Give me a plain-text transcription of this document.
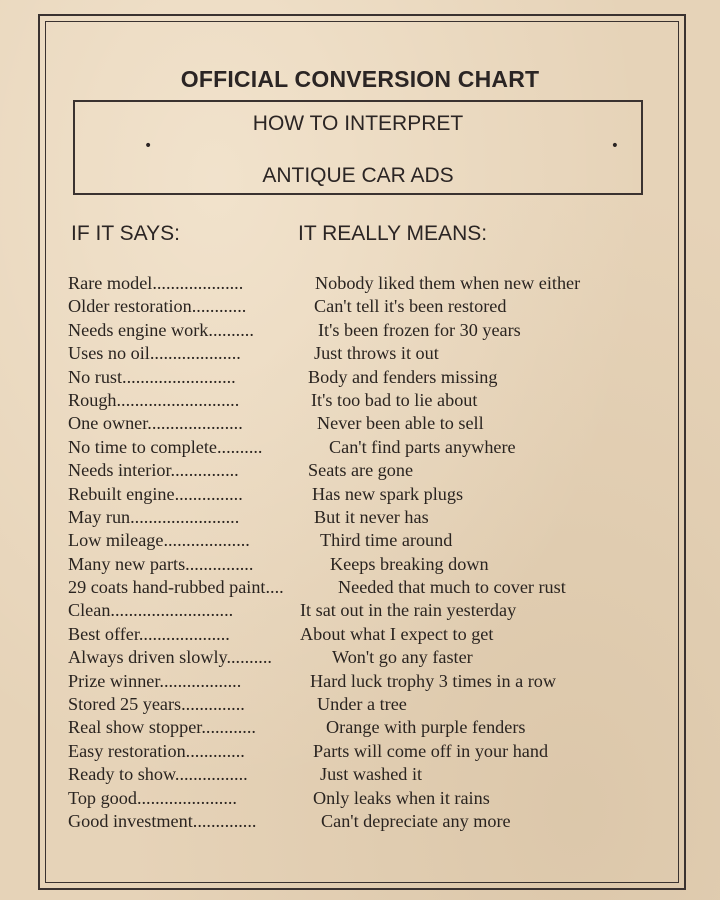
OFFICIAL CONVERSION CHART
HOW TO INTERPRET
•	•
ANTIQUE CAR ADS
IF IT SAYS:	IT REALLY MEANS:
Rare model....................	Nobody liked them when new either
Older restoration............	Can't tell it's been restored
Needs engine work..........	It's been frozen for 30 years
Uses no oil....................	Just throws it out
No rust.........................	Body and fenders missing
Rough...........................	It's too bad to lie about
One owner.....................	Never been able to sell
No time to complete..........	Can't find parts anywhere
Needs interior...............	Seats are gone
Rebuilt engine...............	Has new spark plugs
May run........................	But it never has
Low mileage...................	Third time around
Many new parts...............	Keeps breaking down
29 coats hand-rubbed paint....	Needed that much to cover rust
Clean...........................	It sat out in the rain yesterday
Best offer....................	About what I expect to get
Always driven slowly..........	Won't go any faster
Prize winner..................	Hard luck trophy 3 times in a row
Stored 25 years..............	Under a tree
Real show stopper............	Orange with purple fenders
Easy restoration.............	Parts will come off in your hand
Ready to show................	Just washed it
Top good......................	Only leaks when it rains
Good investment..............	Can't depreciate any more
